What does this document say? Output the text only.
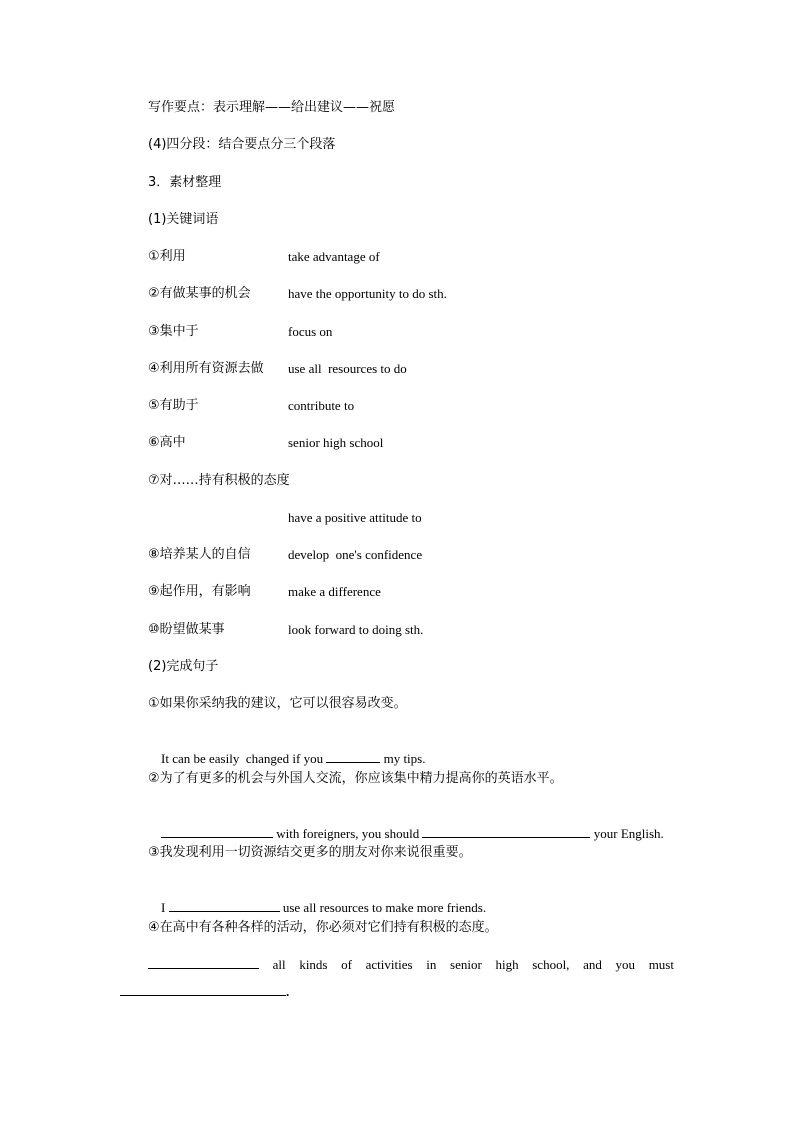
写作要点：表示理解——给出建议——祝愿
(4)四分段：结合要点分三个段落
3．素材整理
(1)关键词语
①利用	take advantage of
②有做某事的机会	have the opportunity to do sth.
③集中于	focus on
④利用所有资源去做 use all  resources to do
⑤有助于	contribute to
⑥高中	senior high school
⑦对……持有积极的态度
have a positive attitude to
⑧培养某人的自信	develop  one's confidence
⑨起作用，有影响	make a difference
⑩盼望做某事	look forward to doing sth.
(2)完成句子
①如果你采纳我的建议，它可以很容易改变。

It can be easily  changed if you	my tips.

②为了有更多的机会与外国人交流，你应该集中精力提高你的英语水平。

with foreigners, you should	your English.

③我发现利用一切资源结交更多的朋友对你来说很重要。

I	use all resources to make more friends.

④在高中有各种各样的活动，你必须对它们持有积极的态度。
all kinds of activities in senior high school, and you must
.
